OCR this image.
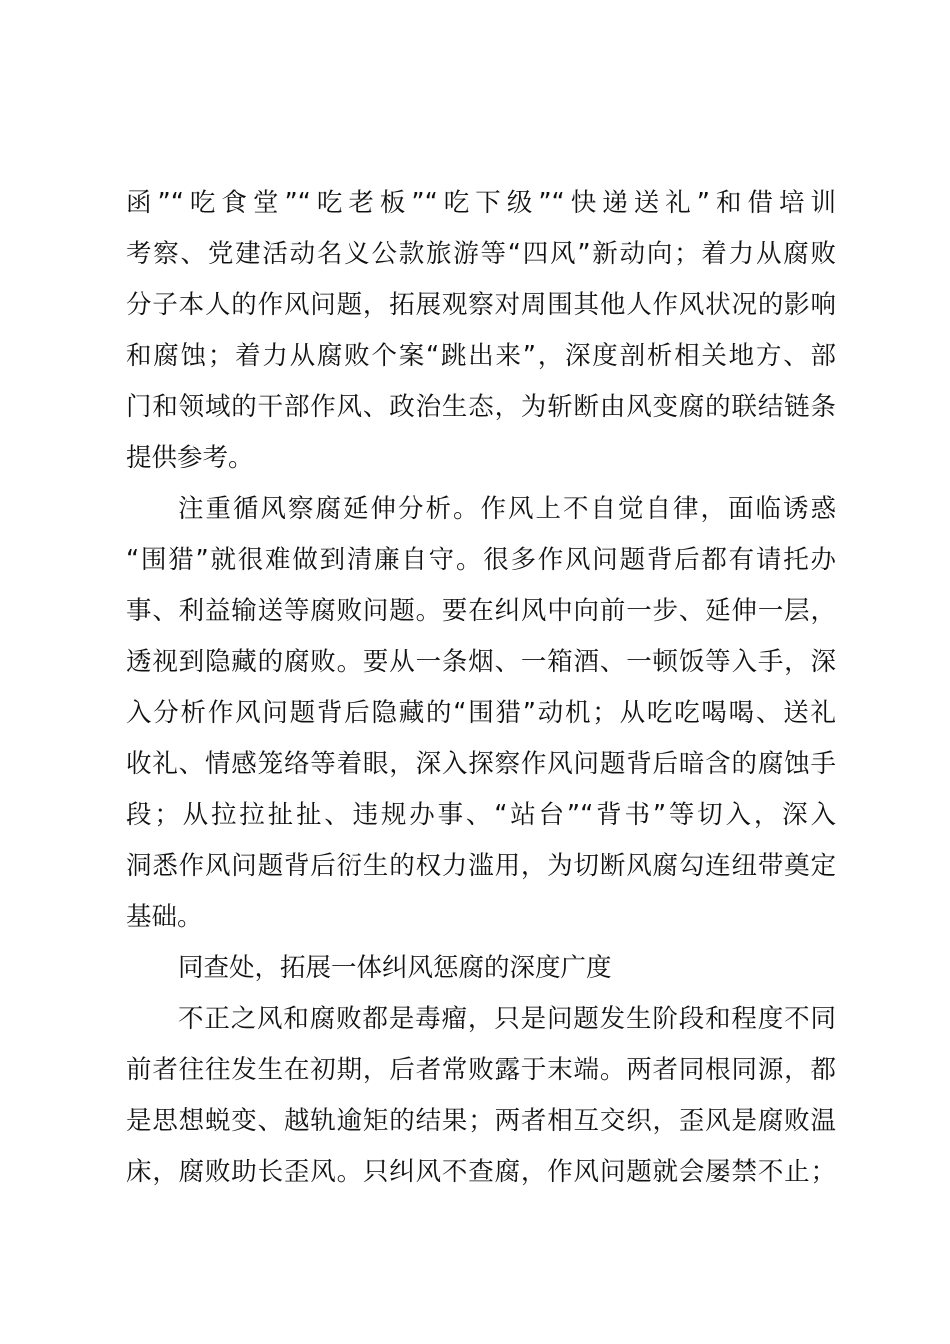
函”“吃食堂”“吃老板”“吃下级”“快递送礼”和借培训
考察、党建活动名义公款旅游等“四风”新动向；着力从腐败
分子本人的作风问题，拓展观察对周围其他人作风状况的影响
和腐蚀；着力从腐败个案“跳出来”，深度剖析相关地方、部
门和领域的干部作风、政治生态，为斩断由风变腐的联结链条
提供参考。
注重循风察腐延伸分析。作风上不自觉自律，面临诱惑
“围猎”就很难做到清廉自守。很多作风问题背后都有请托办
事、利益输送等腐败问题。要在纠风中向前一步、延伸一层，
透视到隐藏的腐败。要从一条烟、一箱酒、一顿饭等入手，深
入分析作风问题背后隐藏的“围猎”动机；从吃吃喝喝、送礼
收礼、情感笼络等着眼，深入探察作风问题背后暗含的腐蚀手
段；从拉拉扯扯、违规办事、“站台”“背书”等切入，深入
洞悉作风问题背后衍生的权力滥用，为切断风腐勾连纽带奠定
基础。
同查处，拓展一体纠风惩腐的深度广度
不正之风和腐败都是毒瘤，只是问题发生阶段和程度不同
前者往往发生在初期，后者常败露于末端。两者同根同源，都
是思想蜕变、越轨逾矩的结果；两者相互交织，歪风是腐败温
床，腐败助长歪风。只纠风不查腐，作风问题就会屡禁不止；
